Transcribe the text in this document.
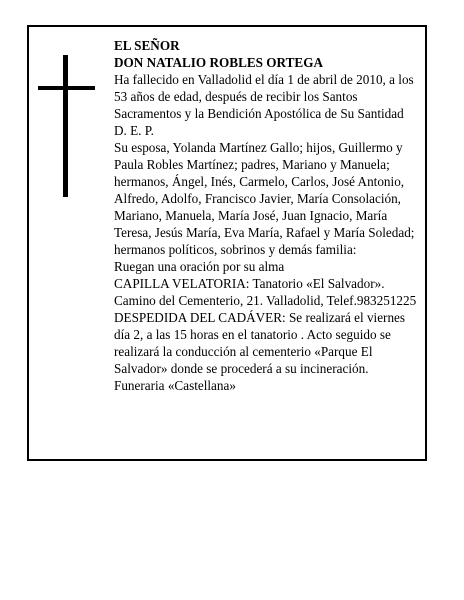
EL SEÑOR

DON NATALIO ROBLES ORTEGA

Ha fallecido en Valladolid el día 1 de abril de 2010, a los 53 años de edad, después de recibir los Santos Sacramentos y la Bendición Apostólica de Su Santidad

D. E. P.

Su esposa, Yolanda Martínez Gallo; hijos, Guillermo y Paula Robles Martínez; padres, Mariano y Manuela; hermanos, Ángel, Inés, Carmelo, Carlos, José Antonio, Alfredo, Adolfo, Francisco Javier, María Consolación, Mariano, Manuela, María José, Juan Ignacio, María Teresa, Jesús María, Eva María, Rafael y María Soledad; hermanos políticos, sobrinos y demás familia:

Ruegan una oración por su alma

CAPILLA VELATORIA: Tanatorio «El Salvador». Camino del Cementerio, 21. Valladolid, Telef.983251225

DESPEDIDA DEL CADÁVER: Se realizará el viernes día 2, a las 15 horas en el tanatorio . Acto seguido se realizará la conducción al cementerio «Parque El Salvador» donde se procederá a su incineración.

Funeraria «Castellana»
